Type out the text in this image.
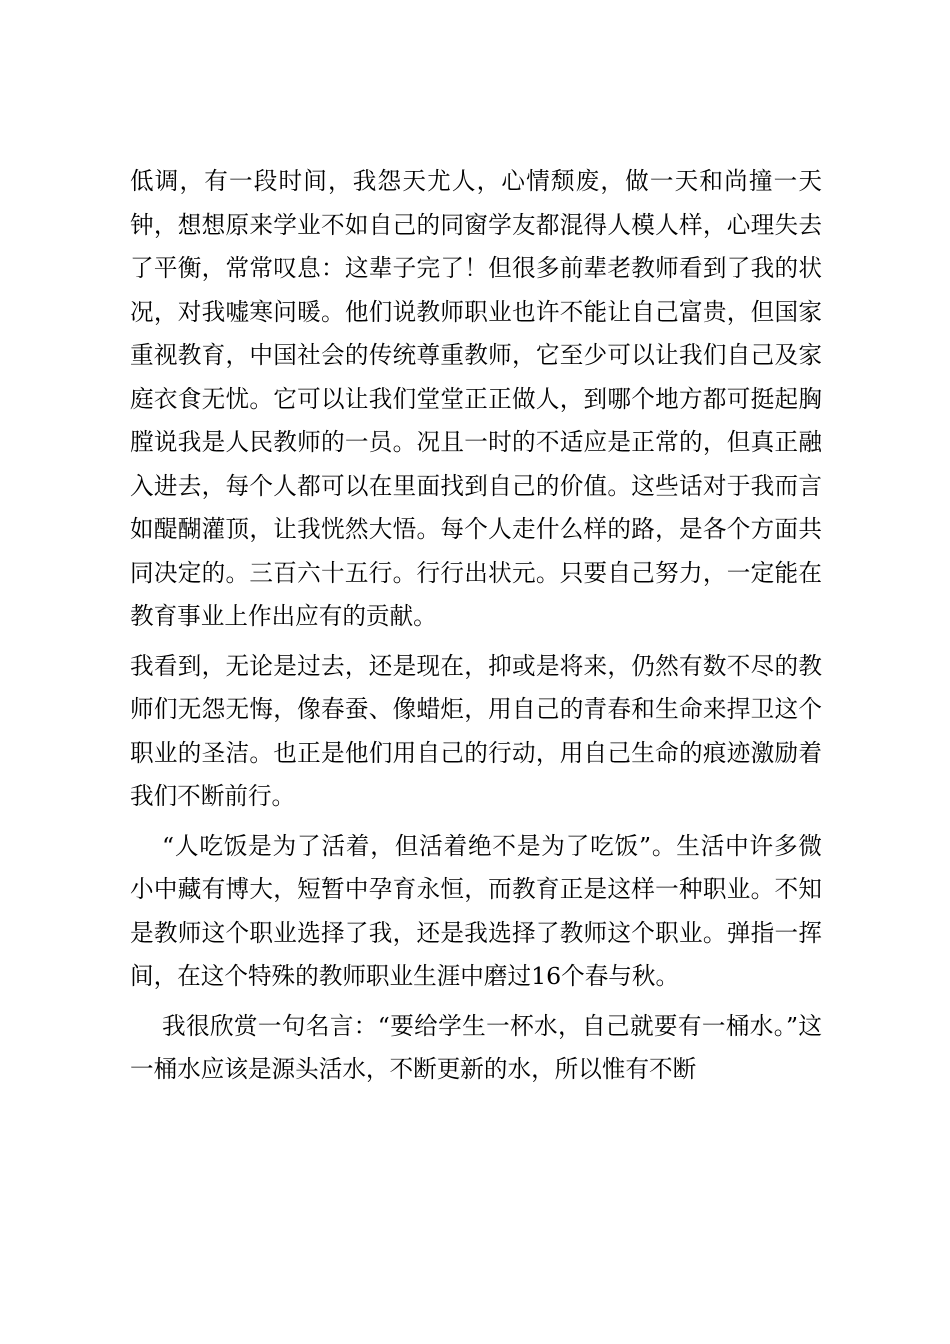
低调，有一段时间，我怨天尤人，心情颓废，做一天和尚撞一天钟，想想原来学业不如自己的同窗学友都混得人模人样，心理失去了平衡，常常叹息：这辈子完了！但很多前辈老教师看到了我的状况，对我嘘寒问暖。他们说教师职业也许不能让自己富贵，但国家重视教育，中国社会的传统尊重教师，它至少可以让我们自己及家庭衣食无忧。它可以让我们堂堂正正做人，到哪个地方都可挺起胸膛说我是人民教师的一员。况且一时的不适应是正常的，但真正融入进去，每个人都可以在里面找到自己的价值。这些话对于我而言如醍醐灌顶，让我恍然大悟。每个人走什么样的路，是各个方面共同决定的。三百六十五行。行行出状元。只要自己努力，一定能在教育事业上作出应有的贡献。

我看到，无论是过去，还是现在，抑或是将来，仍然有数不尽的教师们无怨无悔，像春蚕、像蜡炬，用自己的青春和生命来捍卫这个职业的圣洁。也正是他们用自己的行动，用自己生命的痕迹激励着我们不断前行。

“人吃饭是为了活着，但活着绝不是为了吃饭”。生活中许多微小中藏有博大，短暂中孕育永恒，而教育正是这样一种职业。不知是教师这个职业选择了我，还是我选择了教师这个职业。弹指一挥间，在这个特殊的教师职业生涯中磨过16个春与秋。

我很欣赏一句名言：“要给学生一杯水，自己就要有一桶水。”这一桶水应该是源头活水，不断更新的水，所以惟有不断
